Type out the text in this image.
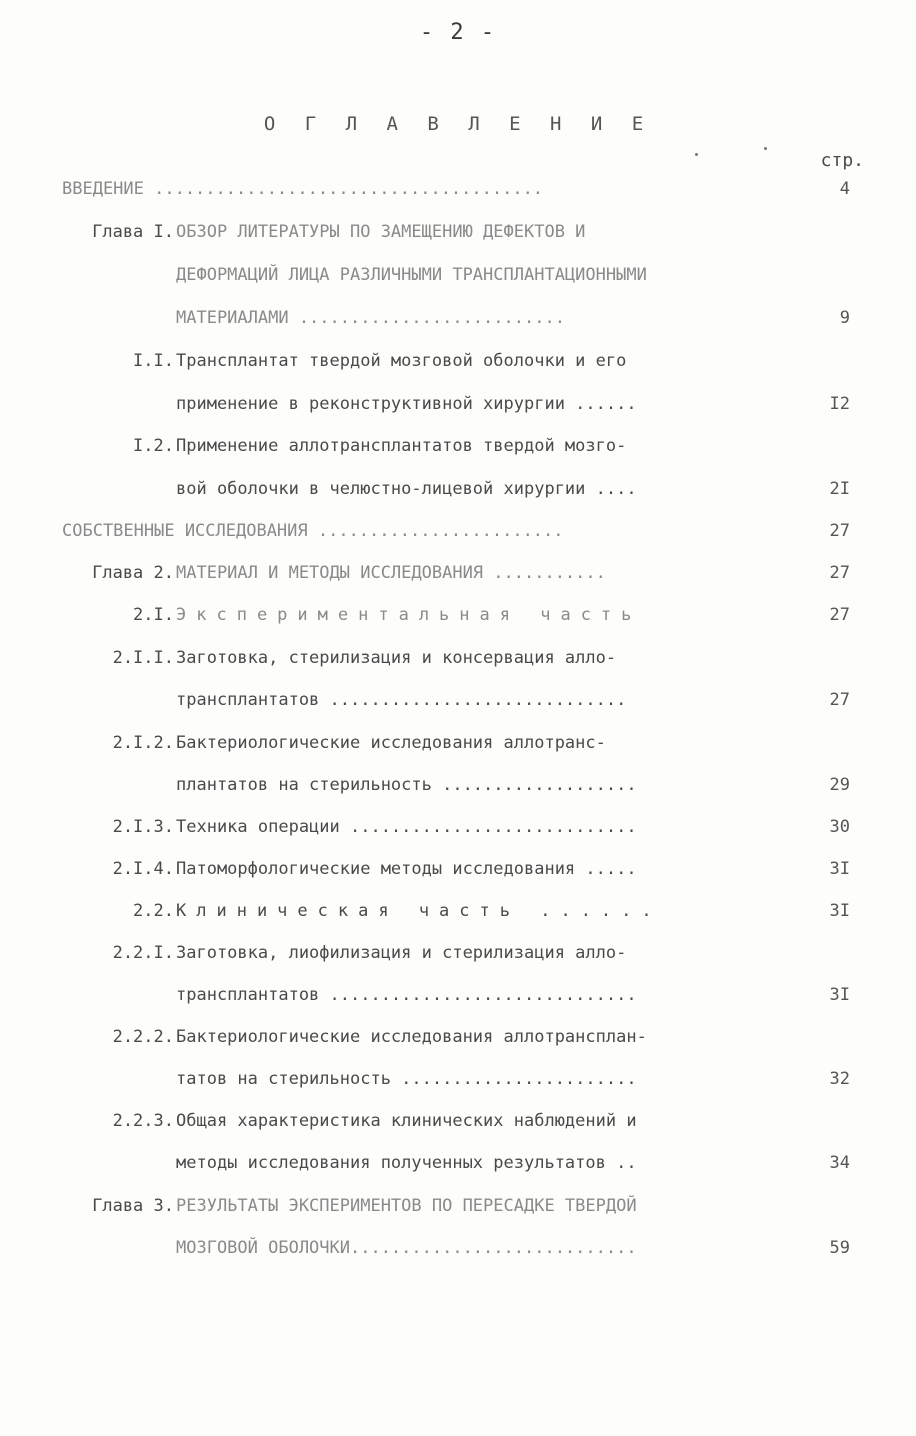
- 2 -
О Г Л А В Л Е Н И Е
стр.
ВВЕДЕНИЕ ......................................	4
Глава I. ОБЗОР ЛИТЕРАТУРЫ ПО ЗАМЕЩЕНИЮ ДЕФЕКТОВ И
ДЕФОРМАЦИЙ ЛИЦА РАЗЛИЧНЫМИ ТРАНСПЛАНТАЦИОННЫМИ
МАТЕРИАЛАМИ ..........................	9
I.I. Трансплантат твердой мозговой оболочки и его
применение в реконструктивной хирургии ......	I2
I.2. Применение аллотрансплантатов твердой мозго-
вой оболочки в челюстно-лицевой хирургии ....	2I
СОБСТВЕННЫЕ ИССЛЕДОВАНИЯ ........................	27
Глава 2. МАТЕРИАЛ И МЕТОДЫ ИССЛЕДОВАНИЯ ...........	27
2.I. Экспериментальная часть	27
2.I.I. Заготовка, стерилизация и консервация алло-
трансплантатов .............................	27
2.I.2. Бактериологические исследования аллотранс-
плантатов на стерильность ...................	29
2.I.3. Техника операции ............................	30
2.I.4. Патоморфологические методы исследования .....	3I
2.2. Клиническая часть ......	3I
2.2.I. Заготовка, лиофилизация и стерилизация алло-
трансплантатов ..............................	3I
2.2.2. Бактериологические исследования аллотрансплан-
татов на стерильность .......................	32
2.2.3. Общая характеристика клинических наблюдений и
методы исследования полученных результатов ..	34
Глава 3. РЕЗУЛЬТАТЫ ЭКСПЕРИМЕНТОВ ПО ПЕРЕСАДКЕ ТВЕРДОЙ
МОЗГОВОЙ ОБОЛОЧКИ............................	59
